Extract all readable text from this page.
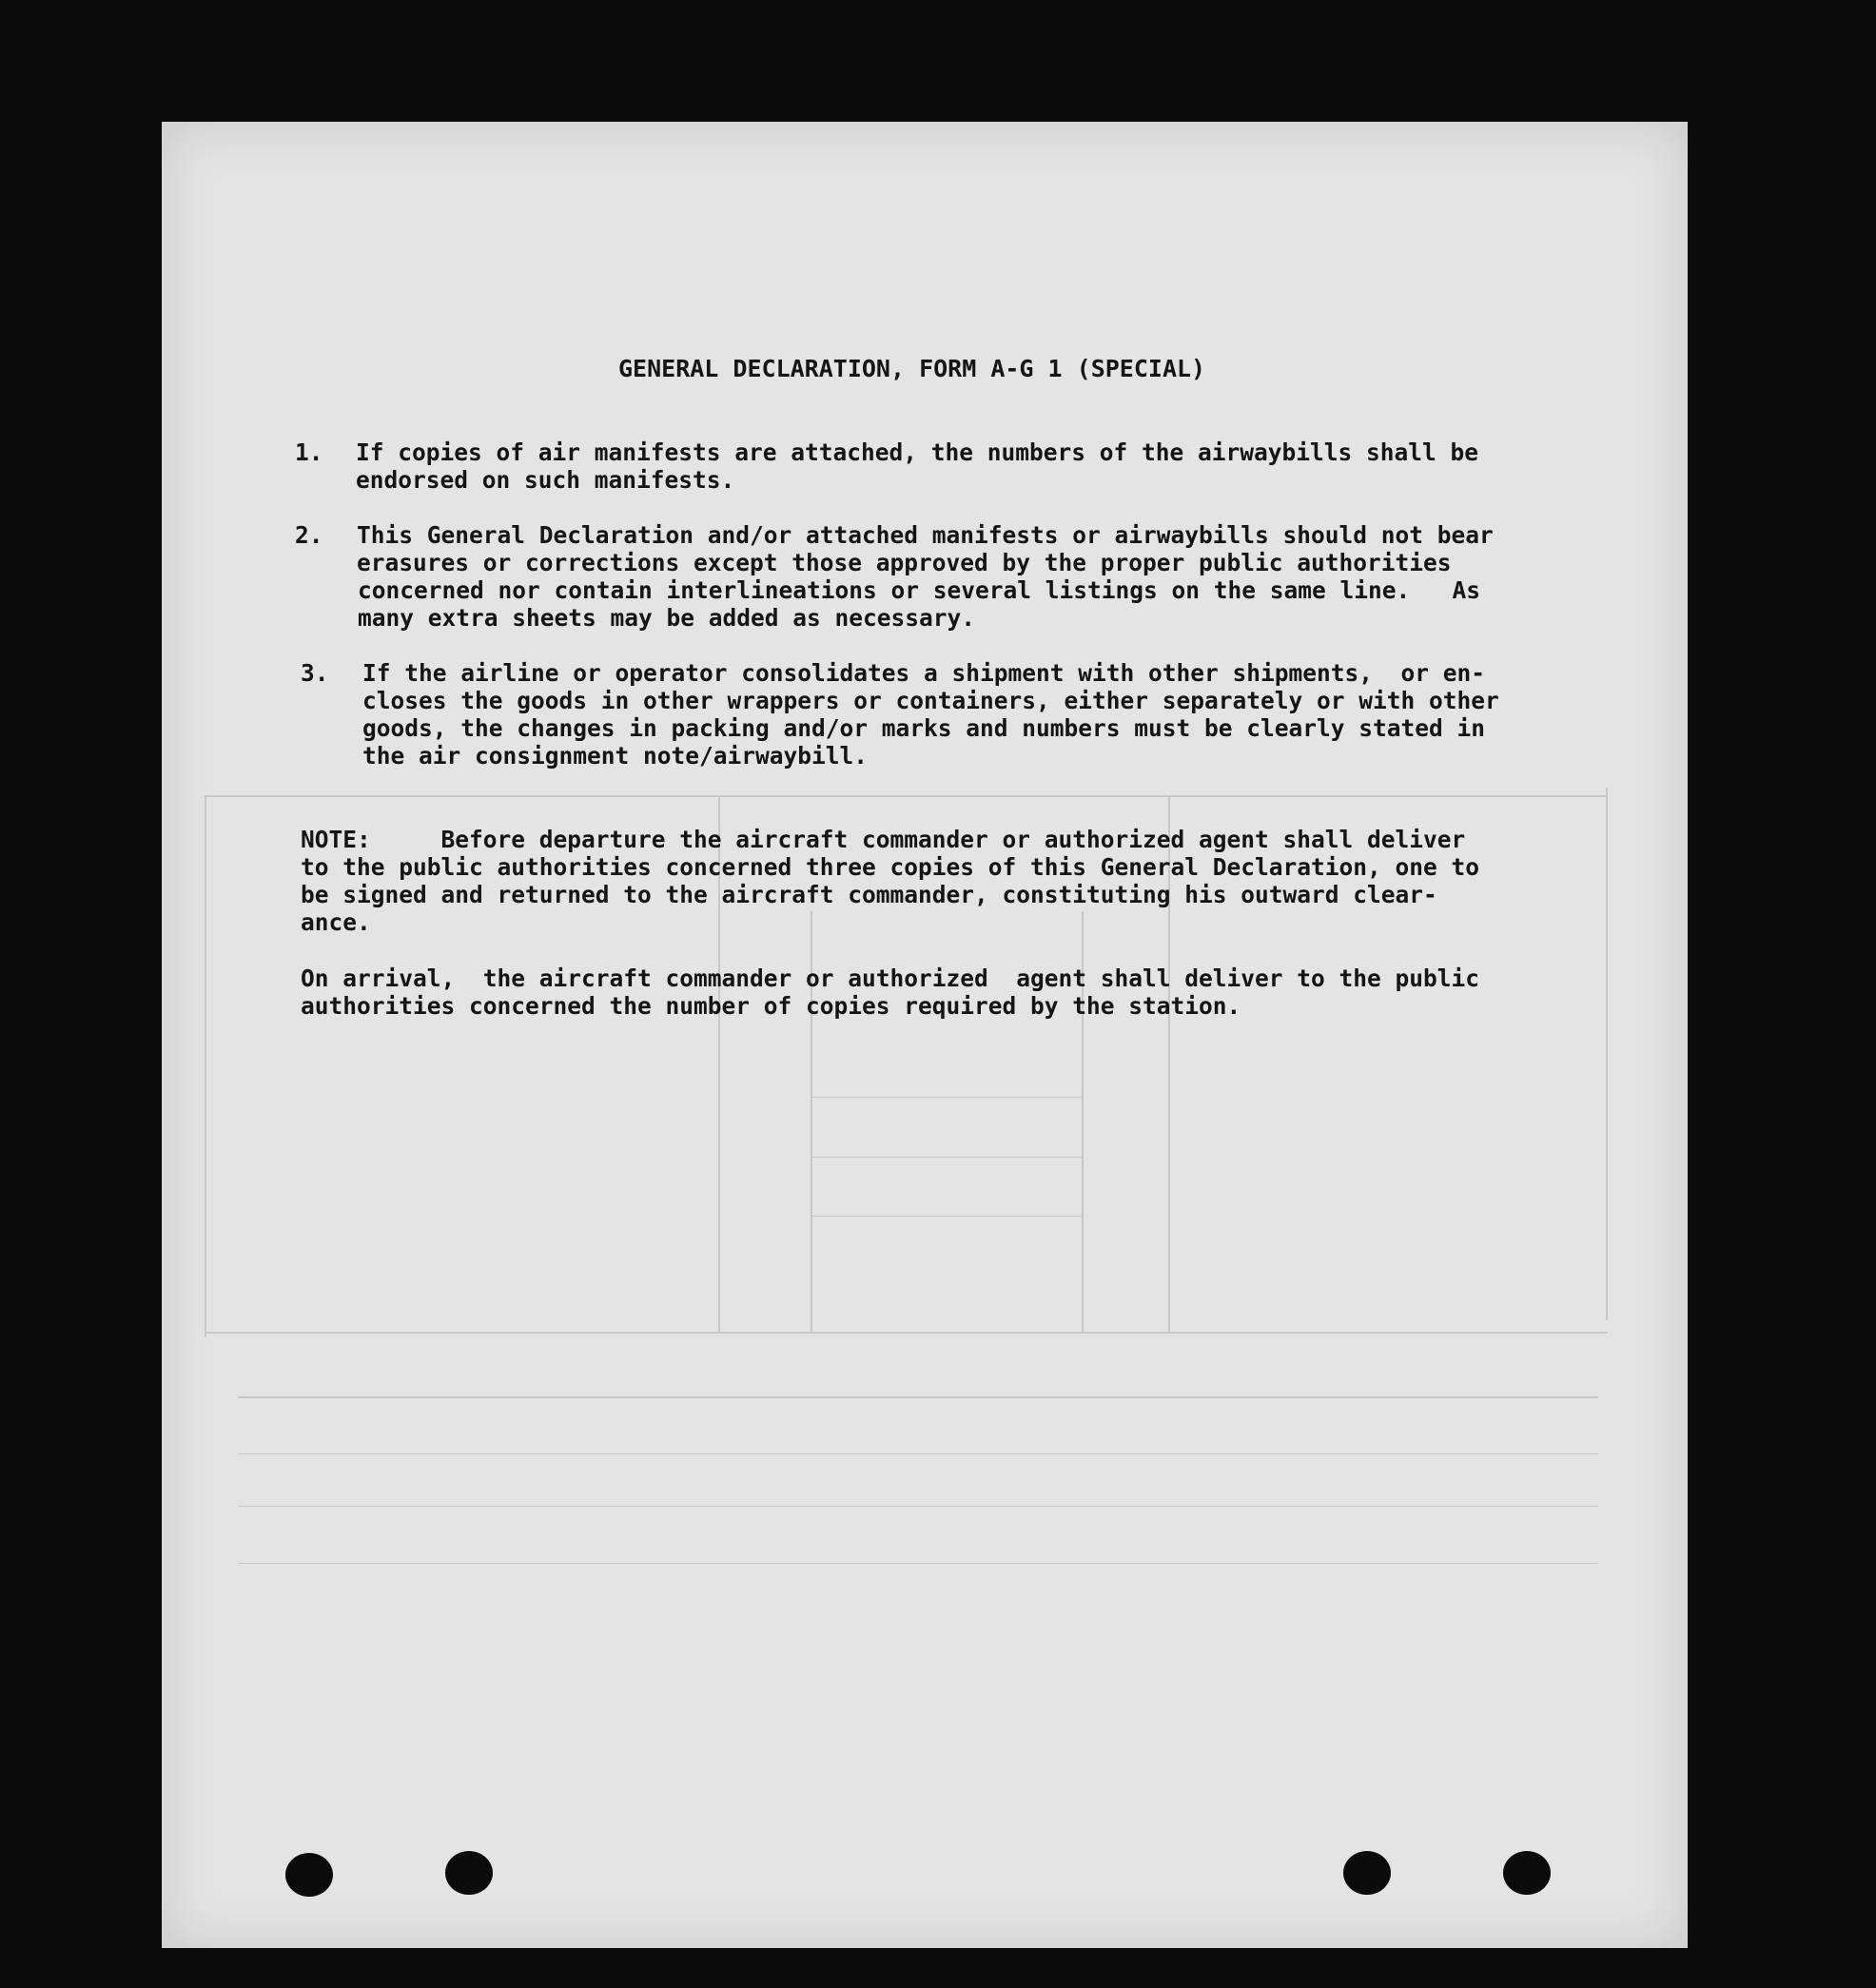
GENERAL DECLARATION, FORM A-G 1 (SPECIAL)
1. If copies of air manifests are attached, the numbers of the airwaybills shall be
endorsed on such manifests.
2. This General Declaration and/or attached manifests or airwaybills should not bear
erasures or corrections except those approved by the proper public authorities
concerned nor contain interlineations or several listings on the same line.   As
many extra sheets may be added as necessary.
3. If the airline or operator consolidates a shipment with other shipments,  or en-
closes the goods in other wrappers or containers, either separately or with other
goods, the changes in packing and/or marks and numbers must be clearly stated in
the air consignment note/airwaybill.
NOTE:     Before departure the aircraft commander or authorized agent shall deliver
to the public authorities concerned three copies of this General Declaration, one to
be signed and returned to the aircraft commander, constituting his outward clear-
ance.
On arrival,  the aircraft commander or authorized  agent shall deliver to the public
authorities concerned the number of copies required by the station.
